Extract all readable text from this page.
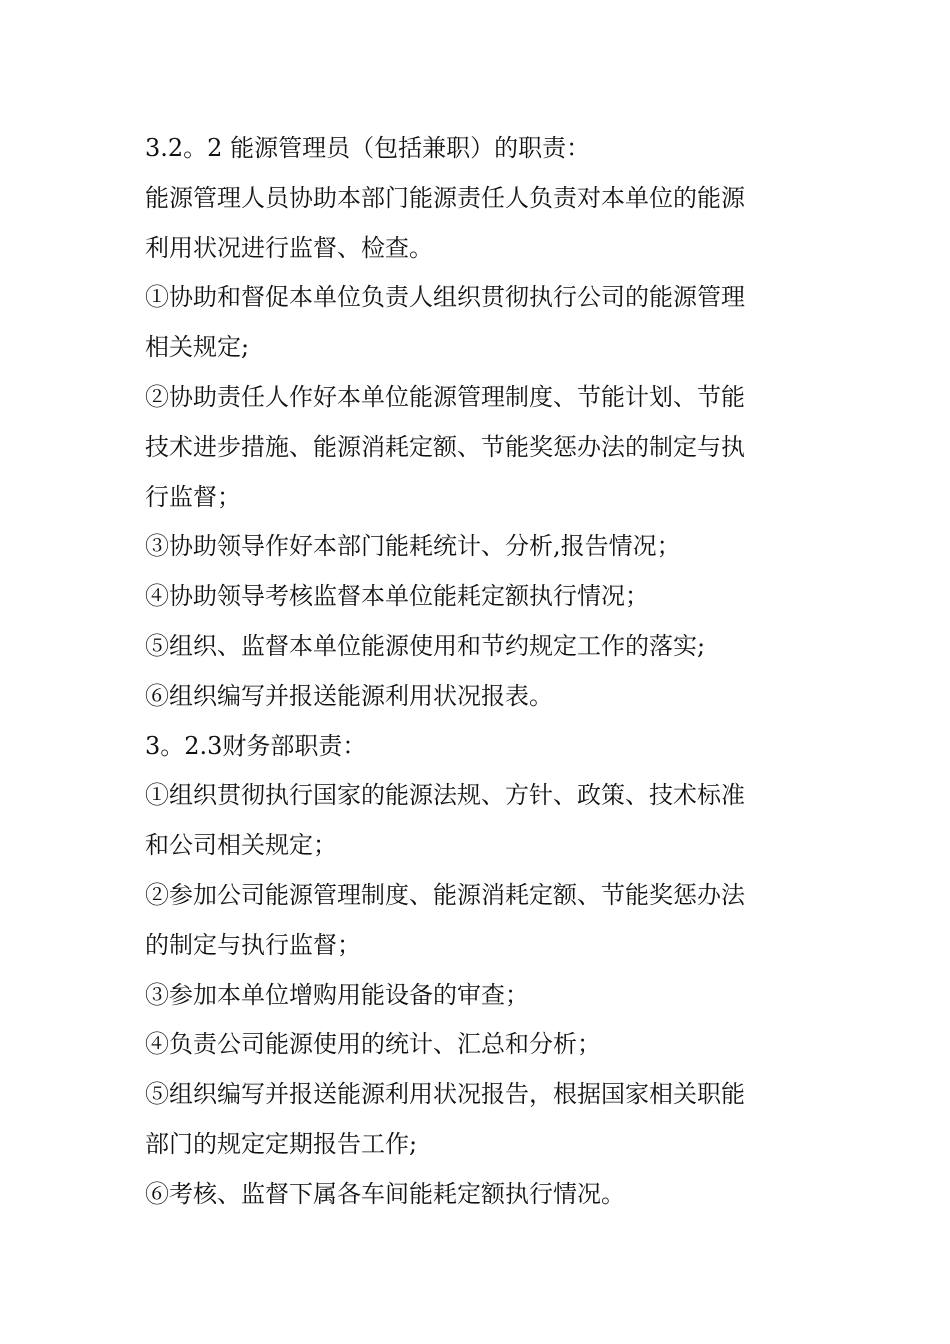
3.2。2 能源管理员（包括兼职）的职责：
能源管理人员协助本部门能源责任人负责对本单位的能源
利用状况进行监督、检查。
①协助和督促本单位负责人组织贯彻执行公司的能源管理
相关规定;
②协助责任人作好本单位能源管理制度、节能计划、节能
技术进步措施、能源消耗定额、节能奖惩办法的制定与执
行监督；
③协助领导作好本部门能耗统计、分析,报告情况；
④协助领导考核监督本单位能耗定额执行情况；
⑤组织、监督本单位能源使用和节约规定工作的落实;
⑥组织编写并报送能源利用状况报表。
3。2.3财务部职责：
①组织贯彻执行国家的能源法规、方针、政策、技术标准
和公司相关规定；
②参加公司能源管理制度、能源消耗定额、节能奖惩办法
的制定与执行监督；
③参加本单位增购用能设备的审查；
④负责公司能源使用的统计、汇总和分析；
⑤组织编写并报送能源利用状况报告，根据国家相关职能
部门的规定定期报告工作;
⑥考核、监督下属各车间能耗定额执行情况。
